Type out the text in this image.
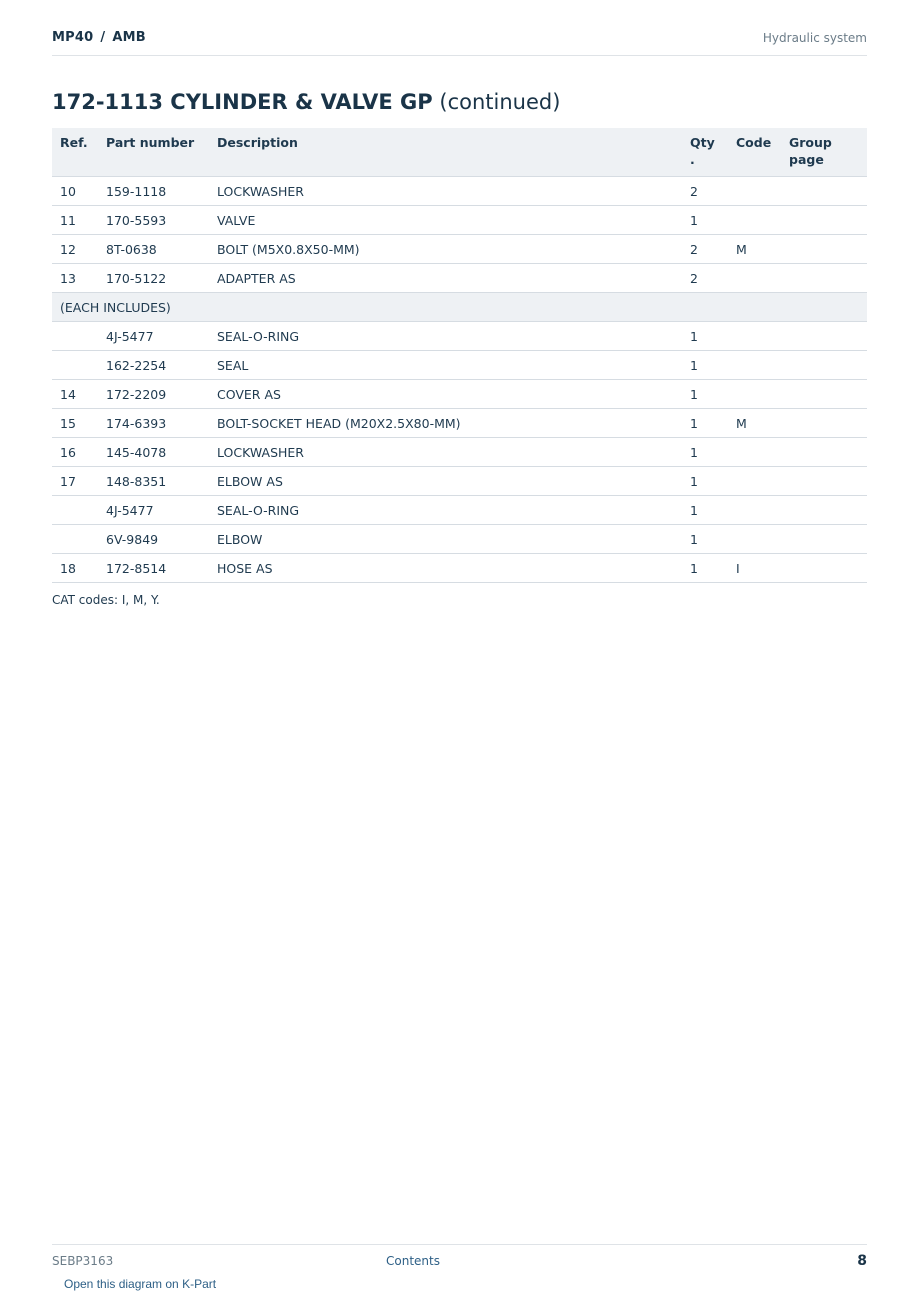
MP40 / AMB	Hydraulic system
172-1113 CYLINDER & VALVE GP (continued)
Ref.	Part number	Description	Qty .	Code	Group page
10	159-1118	LOCKWASHER	2		
11	170-5593	VALVE	1		
12	8T-0638	BOLT (M5X0.8X50-MM)	2	M	
13	170-5122	ADAPTER AS	2		
(EACH INCLUDES)					
	4J-5477	SEAL-O-RING	1		
	162-2254	SEAL	1		
14	172-2209	COVER AS	1		
15	174-6393	BOLT-SOCKET HEAD (M20X2.5X80-MM)	1	M	
16	145-4078	LOCKWASHER	1		
17	148-8351	ELBOW AS	1		
	4J-5477	SEAL-O-RING	1		
	6V-9849	ELBOW	1		
18	172-8514	HOSE AS	1	I	
CAT codes: I, M, Y.
SEBP3163	Contents	8
Open this diagram on K-Part
